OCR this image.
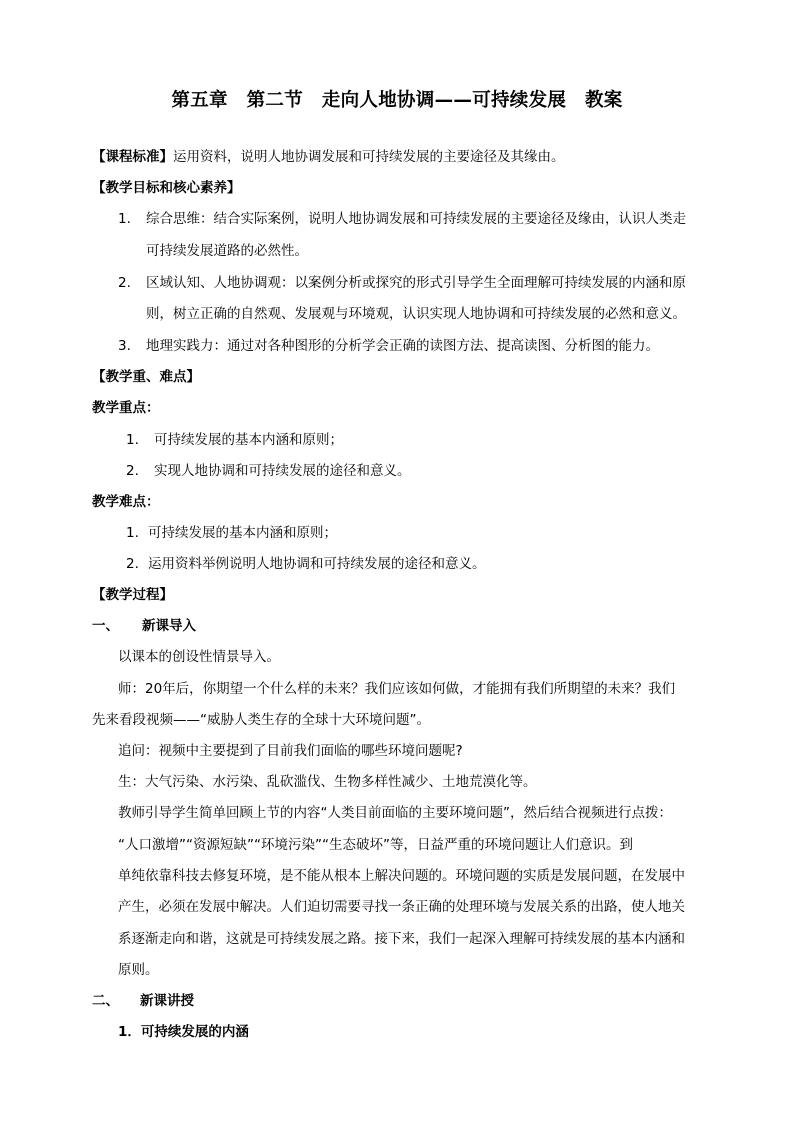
第五章　第二节　走向人地协调——可持续发展　教案
【课程标准】运用资料，说明人地协调发展和可持续发展的主要途径及其缘由。
【教学目标和核心素养】
1. 综合思维：结合实际案例，说明人地协调发展和可持续发展的主要途径及缘由，认识人类走
可持续发展道路的必然性。
2. 区域认知、人地协调观：以案例分析或探究的形式引导学生全面理解可持续发展的内涵和原
则，树立正确的自然观、发展观与环境观，认识实现人地协调和可持续发展的必然和意义。
3. 地理实践力：通过对各种图形的分析学会正确的读图方法、提高读图、分析图的能力。
【教学重、难点】
教学重点：
1. 可持续发展的基本内涵和原则；
2. 实现人地协调和可持续发展的途径和意义。
教学难点：
1. 可持续发展的基本内涵和原则；
2. 运用资料举例说明人地协调和可持续发展的途径和意义。
【教学过程】
一、 新课导入
以课本的创设性情景导入。
师：20年后，你期望一个什么样的未来？我们应该如何做，才能拥有我们所期望的未来？我们
先来看段视频——“威胁人类生存的全球十大环境问题”。
追问：视频中主要提到了目前我们面临的哪些环境问题呢?
生：大气污染、水污染、乱砍滥伐、生物多样性减少、土地荒漠化等。
教师引导学生简单回顾上节的内容“人类目前面临的主要环境问题”，然后结合视频进行点拨：
“人口激增”“资源短缺”“环境污染”“生态破坏”等，日益严重的环境问题让人们意识。到
单纯依靠科技去修复环境，是不能从根本上解决问题的。环境问题的实质是发展问题，在发展中
产生，必须在发展中解决。人们迫切需要寻找一条正确的处理环境与发展关系的出路，使人地关
系逐渐走向和谐，这就是可持续发展之路。接下来，我们一起深入理解可持续发展的基本内涵和
原则。
二、 新课讲授
1．可持续发展的内涵
